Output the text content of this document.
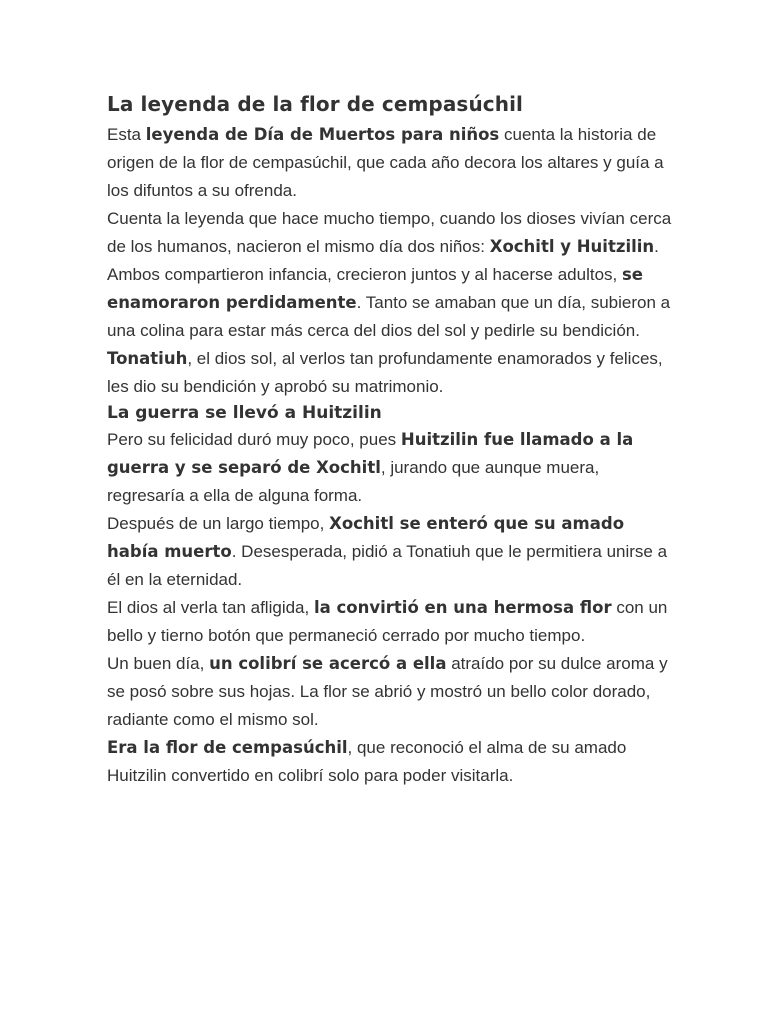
La leyenda de la flor de cempasúchil

Esta leyenda de Día de Muertos para niños cuenta la historia de origen de la flor de cempasúchil, que cada año decora los altares y guía a los difuntos a su ofrenda.

Cuenta la leyenda que hace mucho tiempo, cuando los dioses vivían cerca de los humanos, nacieron el mismo día dos niños: Xochitl y Huitzilin.

Ambos compartieron infancia, crecieron juntos y al hacerse adultos, se enamoraron perdidamente. Tanto se amaban que un día, subieron a una colina para estar más cerca del dios del sol y pedirle su bendición.

Tonatiuh, el dios sol, al verlos tan profundamente enamorados y felices, les dio su bendición y aprobó su matrimonio.

La guerra se llevó a Huitzilin

Pero su felicidad duró muy poco, pues Huitzilin fue llamado a la guerra y se separó de Xochitl, jurando que aunque muera, regresaría a ella de alguna forma.

Después de un largo tiempo, Xochitl se enteró que su amado había muerto. Desesperada, pidió a Tonatiuh que le permitiera unirse a él en la eternidad.

El dios al verla tan afligida, la convirtió en una hermosa flor con un bello y tierno botón que permaneció cerrado por mucho tiempo.

Un buen día, un colibrí se acercó a ella atraído por su dulce aroma y se posó sobre sus hojas. La flor se abrió y mostró un bello color dorado, radiante como el mismo sol.

Era la flor de cempasúchil, que reconoció el alma de su amado Huitzilin convertido en colibrí solo para poder visitarla.
